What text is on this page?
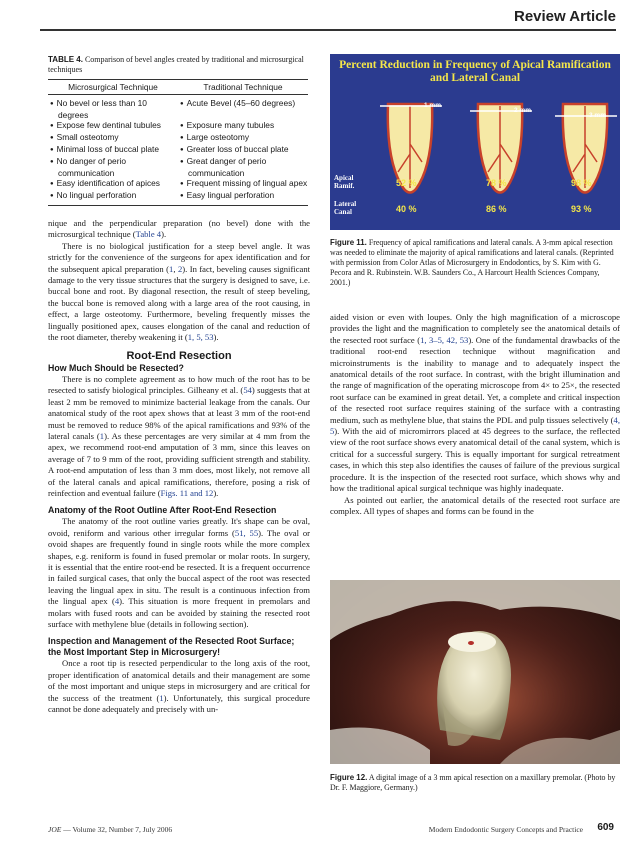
Review Article
TABLE 4. Comparison of bevel angles created by traditional and microsurgical techniques
Microsurgical Technique	Traditional Technique

● No bevel or less than 10 degrees	● Acute Bevel (45–60 degrees)

● Expose few dentinal tubules	● Exposure many tubules

● Small osteotomy	● Large osteotomy

● Minimal loss of buccal plate	● Greater loss of buccal plate

● No danger of perio communication	● Great danger of perio communication

● Easy identification of apices	● Frequent missing of lingual apex

● No lingual perforation	● Easy lingual perforation

nique and the perpendicular preparation (no bevel) done with the microsurgical technique (Table 4).

There is no biological justification for a steep bevel angle. It was strictly for the convenience of the surgeons for apex identification and for the subsequent apical preparation (1, 2). In fact, beveling causes significant damage to the very tissue structures that the surgery is designed to save, i.e. buccal bone and root. By diagonal resection, the result of steep beveling, the buccal bone is removed along with a large area of the root causing, in effect, a large osteotomy. Furthermore, beveling frequently misses the lingually positioned apex, causes elongation of the canal and reduction of the root diameter, thereby weakening it (1, 5, 53).

Root-End Resection
How Much Should be Resected?

There is no complete agreement as to how much of the root has to be resected to satisfy biological principles. Gilheany et al. (54) suggests that at least 2 mm be removed to minimize bacterial leakage from the canals. Our anatomical study of the root apex shows that at least 3 mm of the root-end must be removed to reduce 98% of the apical ramifications and 93% of the lateral canals (1). As these percentages are very similar at 4 mm from the apex, we recommend root-end amputation of 3 mm, since this leaves on average of 7 to 9 mm of the root, providing sufficient strength and stability. A root-end amputation of less than 3 mm does, most likely, not remove all of the lateral canals and apical ramifications, therefore, posing a risk of reinfection and eventual failure (Figs. 11 and 12).

Anatomy of the Root Outline After Root-End Resection

The anatomy of the root outline varies greatly. It's shape can be oval, ovoid, reniform and various other irregular forms (51, 55). The oval or ovoid shapes are frequently found in single roots while the more complex shapes, e.g. reniform is found in fused premolar or molar roots. In surgery, it is essential that the entire root-end be resected. It is a frequent occurrence in failed surgical cases, that only the buccal aspect of the root was resected leaving the lingual apex in situ. The result is a continuous infection from the lingual apex (4). This situation is more frequent in premolars and molars with fused roots and can be avoided by staining the resected root surface with methylene blue (details in following section).

Inspection and Management of the Resected Root Surface;
the Most Important Step in Microsurgery!

Once a root tip is resected perpendicular to the long axis of the root, proper identification of anatomical details and their management are some of the most important and unique steps in microsurgery and are critical for the success of the treatment (1). Unfortunately, this surgical procedure cannot be done adequately and precisely with un-

Percent Reduction in Frequency of Apical Ramification and Lateral Canal
Apical Ramif.
Lateral Canal
52 %	78 %	98 %
40 %	86 %	93 %
1 mm
2 mm
3 mm
Figure 11. Frequency of apical ramifications and lateral canals. A 3-mm apical resection was needed to eliminate the majority of apical ramifications and lateral canals. (Reprinted with permission from Color Atlas of Microsurgery in Endodontics, by S. Kim with G. Pecora and R. Rubinstein. W.B. Saunders Co., A Harcourt Health Sciences Company, 2001.)

aided vision or even with loupes. Only the high magnification of a microscope provides the light and the magnification to completely see the anatomical details of the resected root surface (1, 3–5, 42, 53). One of the fundamental drawbacks of the traditional root-end resection technique without magnification and microinstruments is the inability to manage and to adequately inspect the anatomical details of the root surface. In contrast, with the bright illumination and the range of magnification of the operating microscope from 4× to 25×, the resected root surface can be examined in great detail. Yet, a complete and critical inspection of the resected root surface requires staining of the surface with a contrasting medium, such as methylene blue, that stains the PDL and pulp tissues selectively (4, 5). With the aid of micromirrors placed at 45 degrees to the surface, the reflected view of the root surface shows every anatomical detail of the canal system, which is critical for a successful surgery. This is equally important for surgical retreatment cases, in which this step also identifies the causes of failure of the previous surgical procedure. It is the inspection of the resected root surface, which shows why and how the traditional apical surgical technique was highly inadequate.

As pointed out earlier, the anatomical details of the resected root surface are complex. All types of shapes and forms can be found in the

Figure 12. A digital image of a 3 mm apical resection on a maxillary premolar. (Photo by Dr. F. Maggiore, Germany.)
JOE — Volume 32, Number 7, July 2006	Modern Endodontic Surgery Concepts and Practice 609
